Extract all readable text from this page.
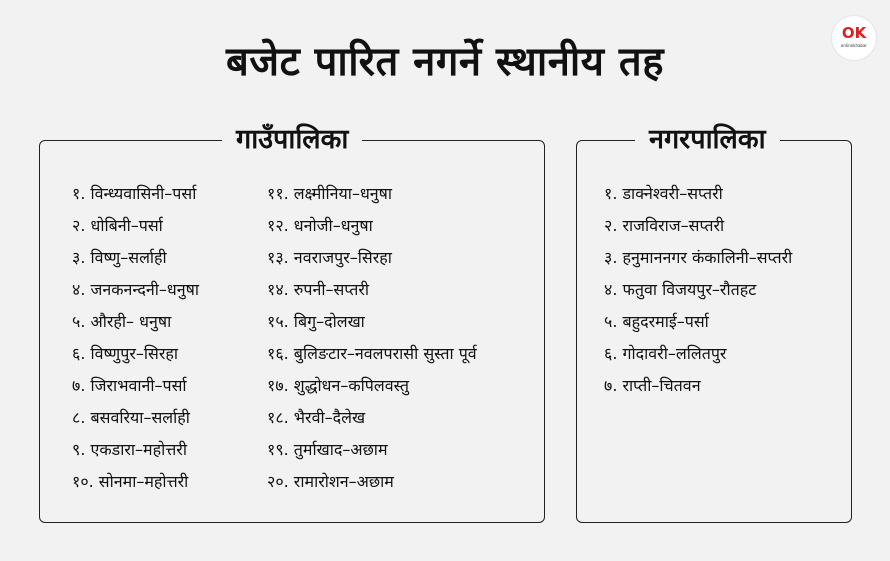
बजेट पारित नगर्ने स्थानीय तह
OK
onlinekhabar
गाउँपालिका
१. विन्ध्यवासिनी–पर्सा
२. धोबिनी–पर्सा
३. विष्णु–सर्लाही
४. जनकनन्दनी–धनुषा
५. औरही– धनुषा
६. विष्णुपुर–सिरहा
७. जिराभवानी–पर्सा
८. बसवरिया–सर्लाही
९. एकडारा–महोत्तरी
१०. सोनमा–महोत्तरी
११. लक्ष्मीनिया–धनुषा
१२. धनोजी–धनुषा
१३. नवराजपुर–सिरहा
१४. रुपनी–सप्तरी
१५. बिगु–दोलखा
१६. बुलिङटार–नवलपरासी सुस्ता पूर्व
१७. शुद्धोधन–कपिलवस्तु
१८. भैरवी–दैलेख
१९. तुर्माखाद–अछाम
२०. रामारोशन–अछाम
नगरपालिका
१. डाक्नेश्वरी–सप्तरी
२. राजविराज–सप्तरी
३. हनुमाननगर कंकालिनी–सप्तरी
४. फतुवा विजयपुर–रौतहट
५. बहुदरमाई–पर्सा
६. गोदावरी–ललितपुर
७. राप्ती–चितवन
